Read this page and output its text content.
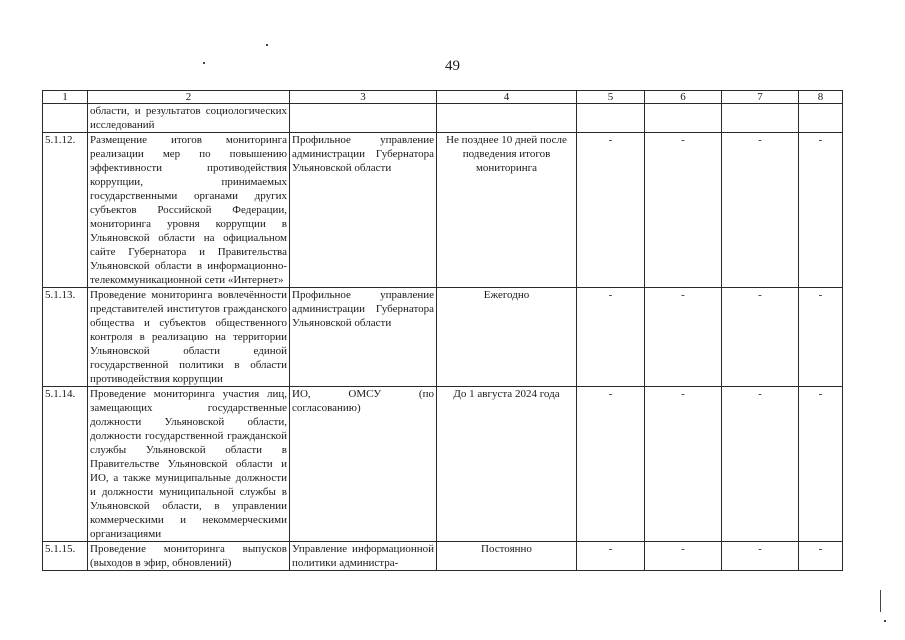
49
1	2	3	4	5	6	7	8
	области, и результатов социологических исследований						
5.1.12.	Размещение итогов мониторинга реализации мер по повышению эффективности противодействия коррупции, принимаемых государственными органами других субъектов Российской Федерации, мониторинга уровня коррупции в Ульяновской области на официальном сайте Губернатора и Правительства Ульяновской области в информационно-телекоммуникационной сети «Интернет»	Профильное управление администрации Губернатора Ульяновской области	Не позднее 10 дней после подведения итогов мониторинга	-	-	-	-
5.1.13.	Проведение мониторинга вовлечённости представителей институтов гражданского общества и субъектов общественного контроля в реализацию на территории Ульяновской области единой государственной политики в области противодействия коррупции	Профильное управление администрации Губернатора Ульяновской области	Ежегодно	-	-	-	-
5.1.14.	Проведение мониторинга участия лиц, замещающих государственные должности Ульяновской области, должности государственной гражданской службы Ульяновской области в Правительстве Ульяновской области и ИО, а также муниципальные должности и должности муниципальной службы в Ульяновской области, в управлении коммерческими и некоммерческими организациями	ИО, ОМСУ (по согласованию)	До 1 августа 2024 года	-	-	-	-
5.1.15.	Проведение мониторинга выпусков (выходов в эфир, обновлений)	Управление информационной политики администра-	Постоянно	-	-	-	-
